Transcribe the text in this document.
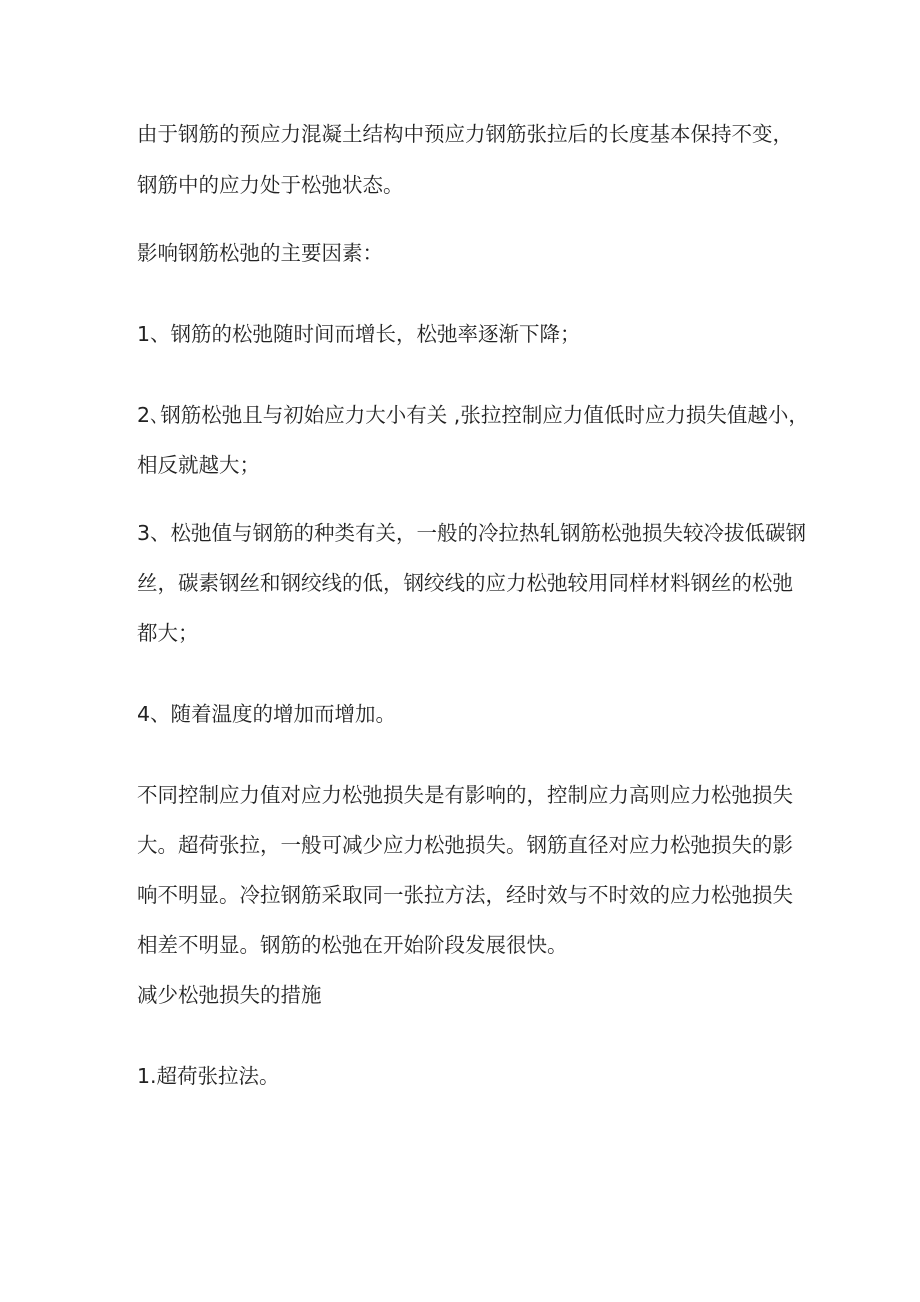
由于钢筋的预应力混凝土结构中预应力钢筋张拉后的长度基本保持不变，
钢筋中的应力处于松弛状态。
影响钢筋松弛的主要因素：
1、钢筋的松弛随时间而增长，松弛率逐渐下降；
2､钢筋松弛且与初始应力大小有关 ,张拉控制应力值低时应力损失值越小，
相反就越大；
3、松弛值与钢筋的种类有关，一般的冷拉热轧钢筋松弛损失较冷拔低碳钢
丝，碳素钢丝和钢绞线的低，钢绞线的应力松弛较用同样材料钢丝的松弛
都大；
4、随着温度的增加而增加。
不同控制应力值对应力松弛损失是有影响的，控制应力高则应力松弛损失
大。超荷张拉，一般可减少应力松弛损失。钢筋直径对应力松弛损失的影
响不明显。冷拉钢筋采取同一张拉方法，经时效与不时效的应力松弛损失
相差不明显。钢筋的松弛在开始阶段发展很快。
减少松弛损失的措施
1.超荷张拉法。
